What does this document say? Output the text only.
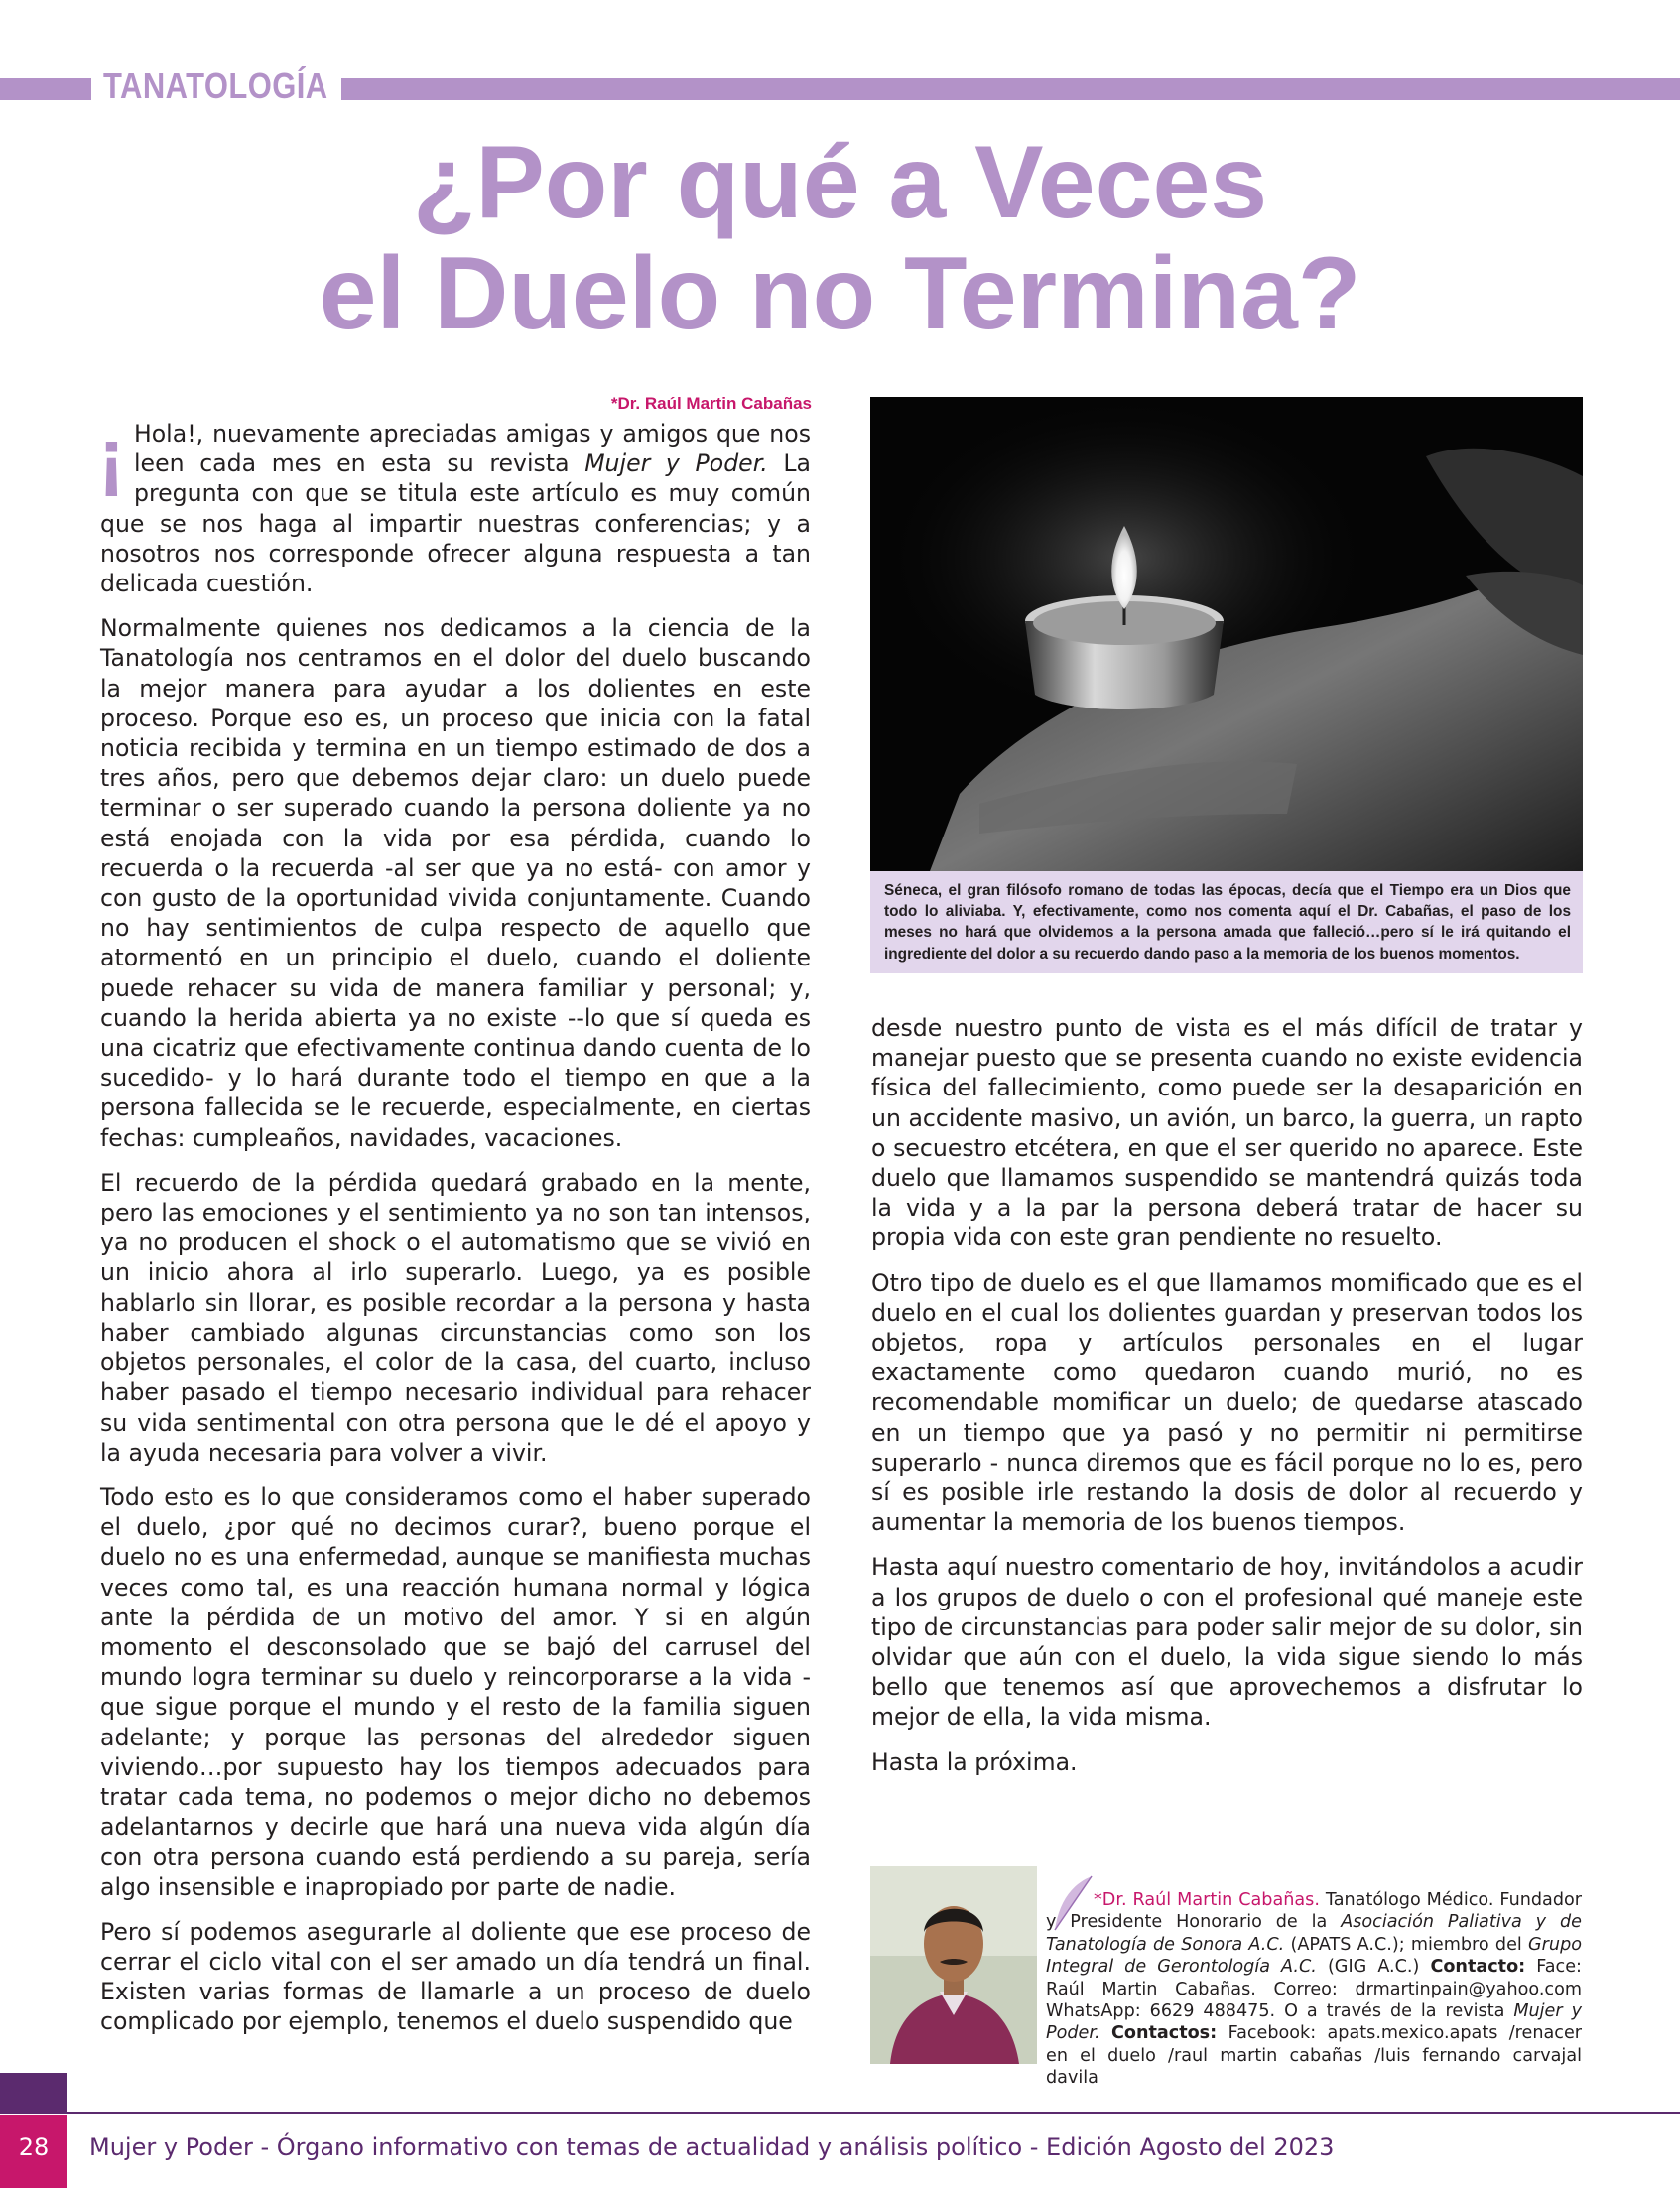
TANATOLOGÍA
¿Por qué a Veces
el Duelo no Termina?
*Dr. Raúl Martin Cabañas

¡ Hola!, nuevamente apreciadas amigas y amigos que nos leen cada mes en esta su revista Mujer y Poder. La pregunta con que se titula este artículo es muy común que se nos haga al impartir nuestras conferencias; y a nosotros nos corresponde ofrecer alguna respuesta a tan delicada cuestión.

Normalmente quienes nos dedicamos a la ciencia de la Tanatología nos centramos en el dolor del duelo buscando la mejor manera para ayudar a los dolientes en este proceso. Porque eso es, un proceso que inicia con la fatal noticia recibida y termina en un tiempo estimado de dos a tres años, pero que debemos dejar claro: un duelo puede terminar o ser superado cuando la persona doliente ya no está enojada con la vida por esa pérdida, cuando lo recuerda o la recuerda -al ser que ya no está- con amor y con gusto de la oportunidad vivida conjuntamente. Cuando no hay sentimientos de culpa respecto de aquello que atormentó en un principio el duelo, cuando el doliente puede rehacer su vida de manera familiar y personal; y, cuando la herida abierta ya no existe --lo que sí queda es una cicatriz que efectivamente continua dando cuenta de lo sucedido- y lo hará durante todo el tiempo en que a la persona fallecida se le recuerde, especialmente, en ciertas fechas: cumpleaños, navidades, vacaciones.

El recuerdo de la pérdida quedará grabado en la mente, pero las emociones y el sentimiento ya no son tan intensos, ya no producen el shock o el automatismo que se vivió en un inicio ahora al irlo superarlo. Luego, ya es posible hablarlo sin llorar, es posible recordar a la persona y hasta haber cambiado algunas circunstancias como son los objetos personales, el color de la casa, del cuarto, incluso haber pasado el tiempo necesario individual para rehacer su vida sentimental con otra persona que le dé el apoyo y la ayuda necesaria para volver a vivir.

Todo esto es lo que consideramos como el haber superado el duelo, ¿por qué no decimos curar?, bueno porque el duelo no es una enfermedad, aunque se manifiesta muchas veces como tal, es una reacción humana normal y lógica ante la pérdida de un motivo del amor. Y si en algún momento el desconsolado que se bajó del carrusel del mundo logra terminar su duelo y reincorporarse a la vida -que sigue porque el mundo y el resto de la familia siguen adelante; y porque las personas del alrededor siguen viviendo…por supuesto hay los tiempos adecuados para tratar cada tema, no podemos o mejor dicho no debemos adelantarnos y decirle que hará una nueva vida algún día con otra persona cuando está perdiendo a su pareja, sería algo insensible e inapropiado por parte de nadie.

Pero sí podemos asegurarle al doliente que ese proceso de cerrar el ciclo vital con el ser amado un día tendrá un final. Existen varias formas de llamarle a un proceso de duelo complicado por ejemplo, tenemos el duelo suspendido que

Séneca, el gran filósofo romano de todas las épocas, decía que el Tiempo era un Dios que todo lo aliviaba. Y, efectivamente, como nos comenta aquí el Dr. Cabañas, el paso de los meses no hará que olvidemos a la persona amada que falleció…pero sí le irá quitando el ingrediente del dolor a su recuerdo dando paso a la memoria de los buenos momentos.

desde nuestro punto de vista es el más difícil de tratar y manejar puesto que se presenta cuando no existe evidencia física del fallecimiento, como puede ser la desaparición en un accidente masivo, un avión, un barco, la guerra, un rapto o secuestro etcétera, en que el ser querido no aparece. Este duelo que llamamos suspendido se mantendrá quizás toda la vida y a la par la persona deberá tratar de hacer su propia vida con este gran pendiente no resuelto.

Otro tipo de duelo es el que llamamos momificado que es el duelo en el cual los dolientes guardan y preservan todos los objetos, ropa y artículos personales en el lugar exactamente como quedaron cuando murió, no es recomendable momificar un duelo; de quedarse atascado en un tiempo que ya pasó y no permitir ni permitirse superarlo - nunca diremos que es fácil porque no lo es, pero sí es posible irle restando la dosis de dolor al recuerdo y aumentar la memoria de los buenos tiempos.

Hasta aquí nuestro comentario de hoy, invitándolos a acudir a los grupos de duelo o con el profesional qué maneje este tipo de circunstancias para poder salir mejor de su dolor, sin olvidar que aún con el duelo, la vida sigue siendo lo más bello que tenemos así que aprovechemos a disfrutar lo mejor de ella, la vida misma.

Hasta la próxima.

*Dr. Raúl Martin Cabañas. Tanatólogo Médico. Fundador y Presidente Honorario de la Asociación Paliativa y de Tanatología de Sonora A.C. (APATS A.C.); miembro del Grupo Integral de Gerontología A.C. (GIG A.C.) Contacto: Face: Raúl Martin Cabañas. Correo: drmartinpain@yahoo.com WhatsApp: 6629 488475. O a través de la revista Mujer y Poder. Contactos: Facebook: apats.mexico.apats /renacer en el duelo /raul martin cabañas /luis fernando carvajal davila
28	Mujer y Poder - Órgano informativo con temas de actualidad y análisis político - Edición Agosto del 2023
